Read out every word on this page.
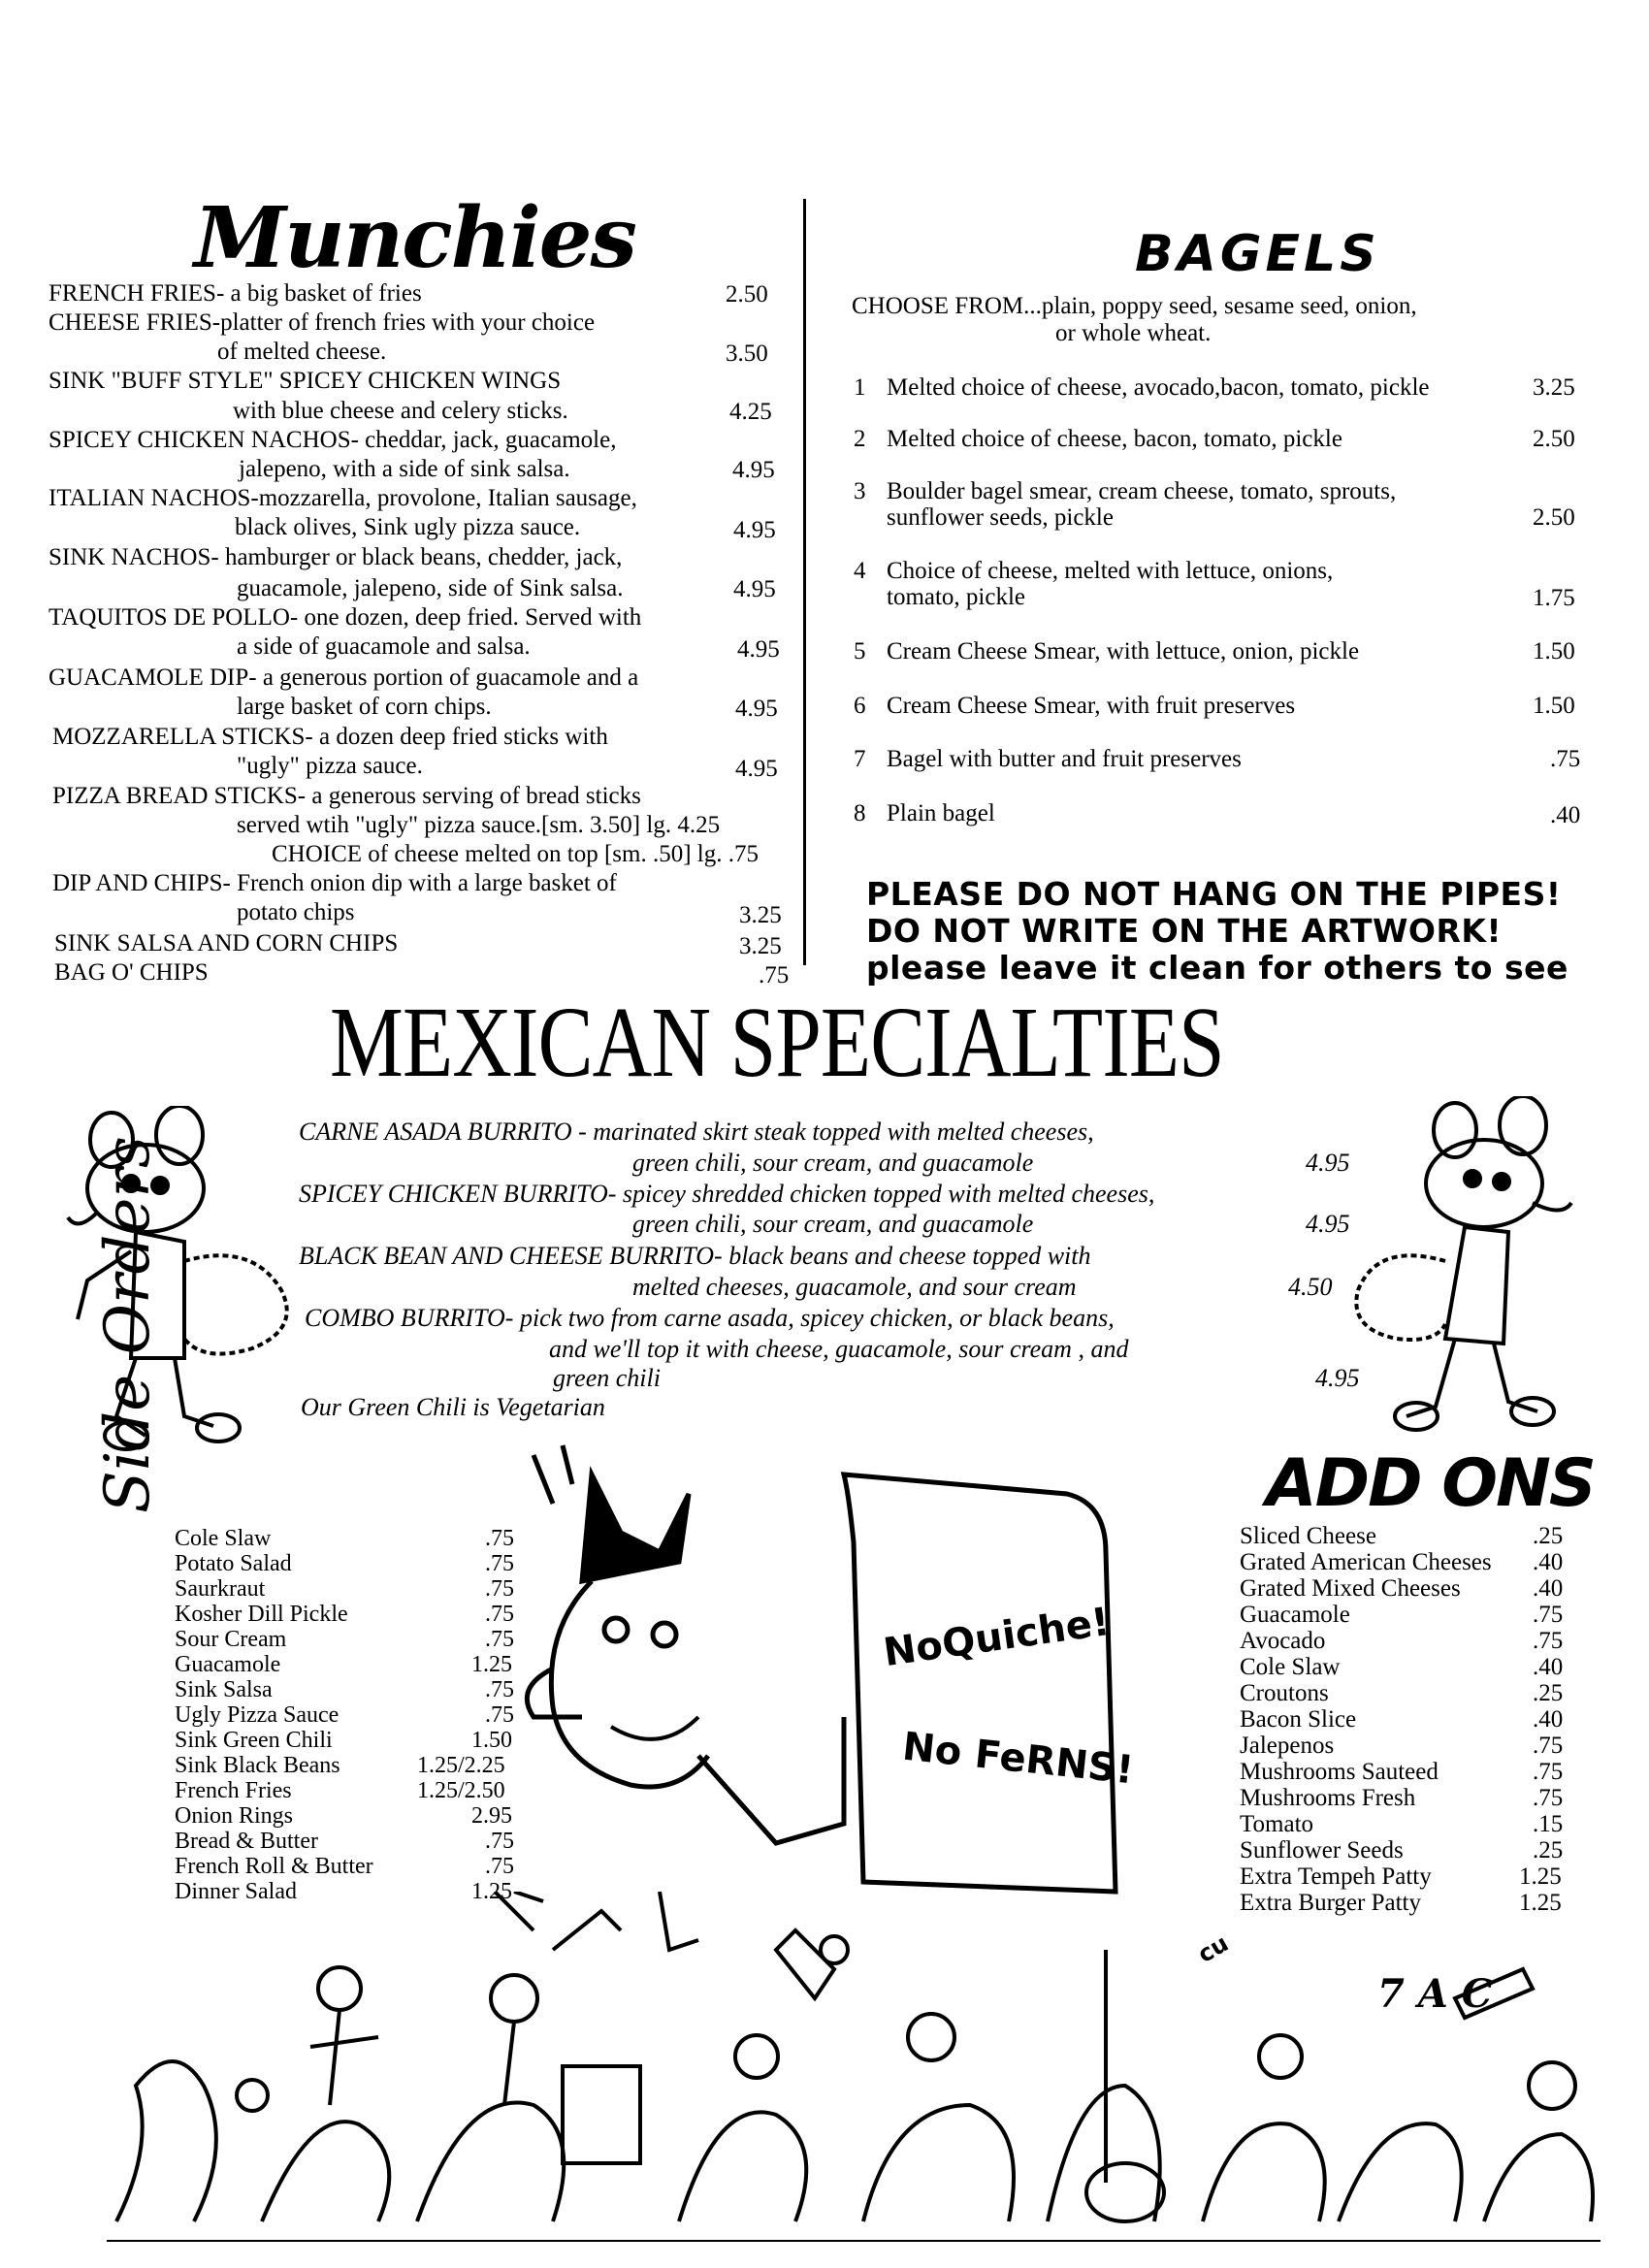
Munchies
FRENCH FRIES- a big basket of fries	2.50
CHEESE FRIES-platter of french fries with your choice
of melted cheese.	3.50
SINK "BUFF STYLE" SPICEY CHICKEN WINGS
with blue cheese and celery sticks.	4.25
SPICEY CHICKEN NACHOS- cheddar, jack, guacamole,
jalepeno, with a side of sink salsa.	4.95
ITALIAN NACHOS-mozzarella, provolone, Italian sausage,
black olives, Sink ugly pizza sauce.	4.95
SINK NACHOS- hamburger or black beans, chedder, jack,
guacamole, jalepeno, side of Sink salsa.	4.95
TAQUITOS DE POLLO- one dozen, deep fried. Served with
a side of guacamole and salsa.	4.95
GUACAMOLE DIP- a generous portion of guacamole and a
large basket of corn chips.	4.95
MOZZARELLA STICKS- a dozen deep fried sticks with
"ugly" pizza sauce.	4.95
PIZZA BREAD STICKS- a generous serving of bread sticks
served wtih "ugly" pizza sauce.[sm. 3.50] lg. 4.25
CHOICE of cheese melted on top [sm. .50] lg. .75
DIP AND CHIPS- French onion dip with a large basket of
potato chips	3.25
SINK SALSA AND CORN CHIPS	3.25
BAG O' CHIPS	.75
BAGELS
CHOOSE FROM...plain, poppy seed, sesame seed, onion,
or whole wheat.
1 Melted choice of cheese, avocado,bacon, tomato, pickle	3.25
2 Melted choice of cheese, bacon, tomato, pickle	2.50
3 Boulder bagel smear, cream cheese, tomato, sprouts,
sunflower seeds, pickle	2.50
4 Choice of cheese, melted with lettuce, onions,
tomato, pickle	1.75
5 Cream Cheese Smear, with lettuce, onion, pickle	1.50
6 Cream Cheese Smear, with fruit preserves	1.50
7 Bagel with butter and fruit preserves	.75
8 Plain bagel	.40
PLEASE DO NOT HANG ON THE PIPES!
DO NOT WRITE ON THE ARTWORK!
please leave it clean for others to see
MEXICAN SPECIALTIES
CARNE ASADA BURRITO - marinated skirt steak topped with melted cheeses,
green chili, sour cream, and guacamole	4.95
SPICEY CHICKEN BURRITO- spicey shredded chicken topped with melted cheeses,
green chili, sour cream, and guacamole	4.95
BLACK BEAN AND CHEESE BURRITO- black beans and cheese topped with
melted cheeses, guacamole, and sour cream	4.50
COMBO BURRITO- pick two from carne asada, spicey chicken, or black beans,
and we'll top it with cheese, guacamole, sour cream , and
green chili	4.95
Our Green Chili is Vegetarian
Side Orders
Cole Slaw	.75
Potato Salad	.75
Saurkraut	.75
Kosher Dill Pickle	.75
Sour Cream	.75
Guacamole	1.25
Sink Salsa	.75
Ugly Pizza Sauce	.75
Sink Green Chili	1.50
Sink Black Beans	1.25/2.25
French Fries	1.25/2.50
Onion Rings	2.95
Bread & Butter	.75
French Roll & Butter	.75
Dinner Salad	1.25
NoQuiche!
No FeRNS!
ADD ONS
Sliced Cheese	.25
Grated American Cheeses .40
Grated Mixed Cheeses	.40
Guacamole	.75
Avocado	.75
Cole Slaw	.40
Croutons	.25
Bacon Slice	.40
Jalepenos	.75
Mushrooms Sauteed	.75
Mushrooms Fresh	.75
Tomato	.15
Sunflower Seeds	.25
Extra Tempeh Patty	1.25
Extra Burger Patty	1.25
7 A C
cu
